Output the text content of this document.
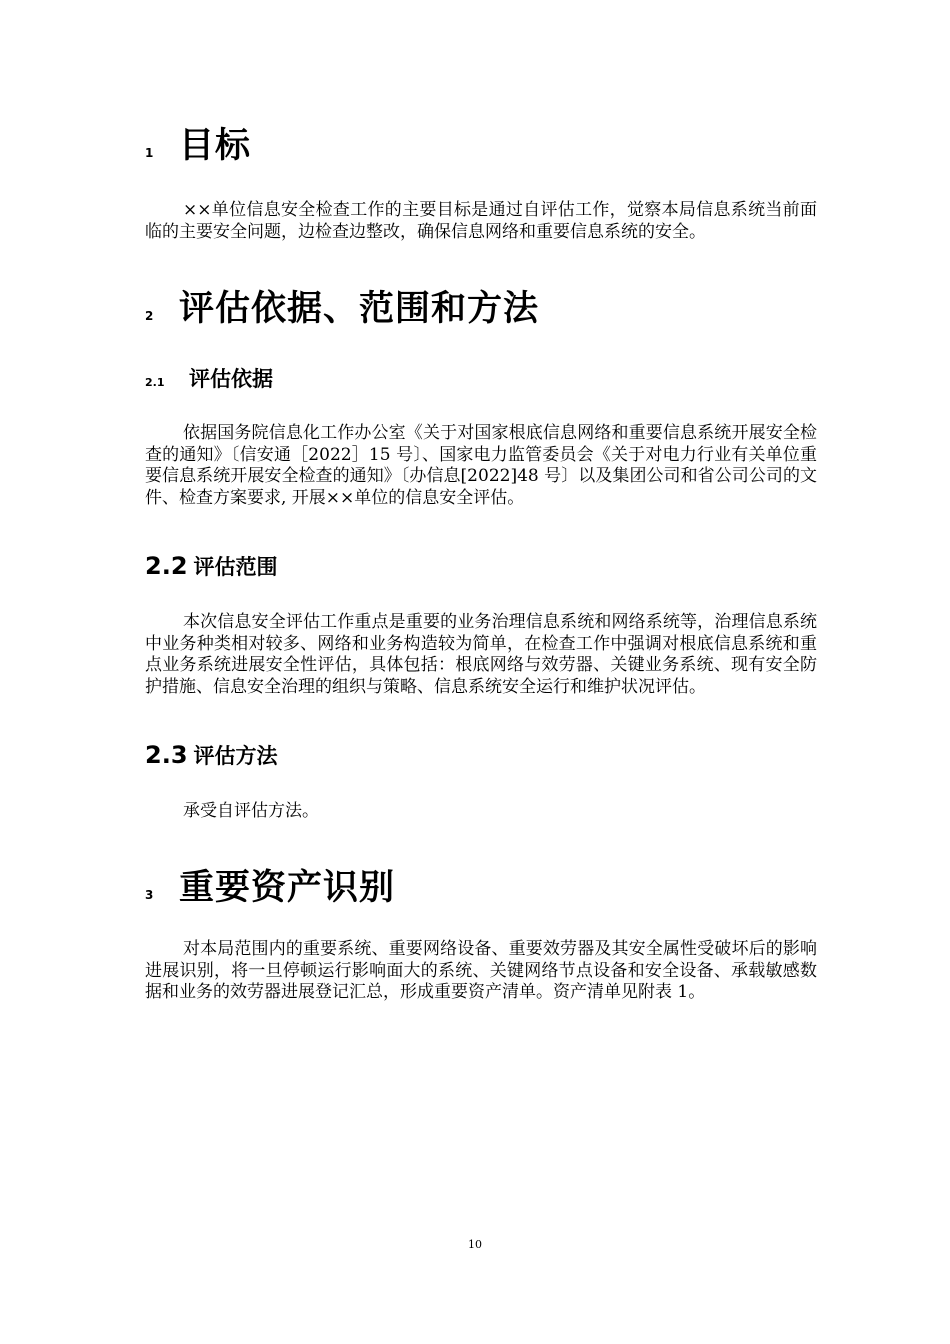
1 目标
××单位信息安全检查工作的主要目标是通过自评估工作，觉察本局信息系统当前面临的主要安全问题，边检查边整改，确保信息网络和重要信息系统的安全。
2 评估依据、范围和方法
2.1	评估依据
依据国务院信息化工作办公室《关于对国家根底信息网络和重要信息系统开展安全检查的通知》〔信安通［2022］15 号〕、国家电力监管委员会《关于对电力行业有关单位重要信息系统开展安全检查的通知》〔办信息[2022]48 号〕以及集团公司和省公司公司的文件、检查方案要求, 开展××单位的信息安全评估。
2.2 评估范围
本次信息安全评估工作重点是重要的业务治理信息系统和网络系统等，治理信息系统中业务种类相对较多、网络和业务构造较为简单，在检查工作中强调对根底信息系统和重点业务系统进展安全性评估，具体包括：根底网络与效劳器、关键业务系统、现有安全防护措施、信息安全治理的组织与策略、信息系统安全运行和维护状况评估。
2.3 评估方法
承受自评估方法。
3 重要资产识别
对本局范围内的重要系统、重要网络设备、重要效劳器及其安全属性受破坏后的影响进展识别，将一旦停顿运行影响面大的系统、关键网络节点设备和安全设备、承载敏感数据和业务的效劳器进展登记汇总，形成重要资产清单。资产清单见附表 1。
10
